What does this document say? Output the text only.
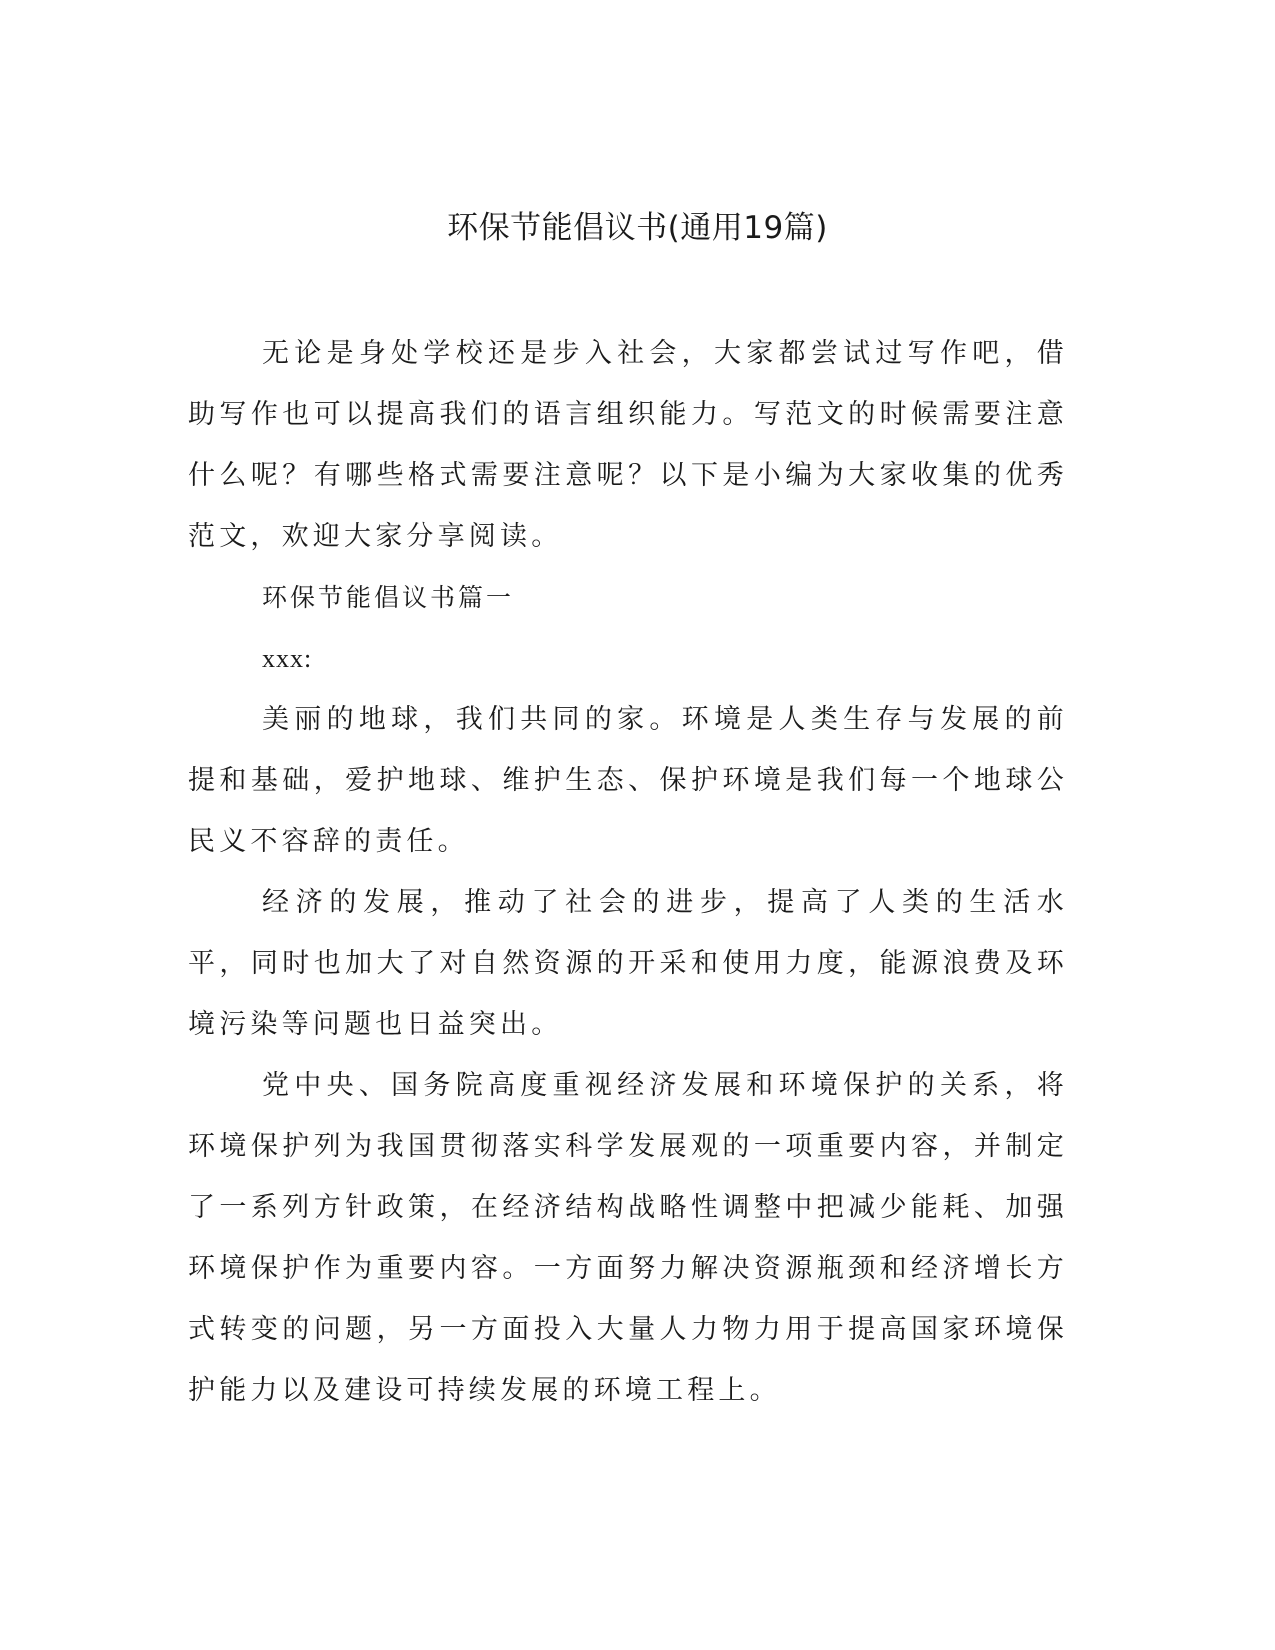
环保节能倡议书(通用19篇)

无论是身处学校还是步入社会，大家都尝试过写作吧，借助写作也可以提高我们的语言组织能力。写范文的时候需要注意什么呢？有哪些格式需要注意呢？以下是小编为大家收集的优秀范文，欢迎大家分享阅读。

环保节能倡议书篇一

xxx:

美丽的地球，我们共同的家。环境是人类生存与发展的前提和基础，爱护地球、维护生态、保护环境是我们每一个地球公民义不容辞的责任。

经济的发展，推动了社会的进步，提高了人类的生活水平，同时也加大了对自然资源的开采和使用力度，能源浪费及环境污染等问题也日益突出。

党中央、国务院高度重视经济发展和环境保护的关系，将环境保护列为我国贯彻落实科学发展观的一项重要内容，并制定了一系列方针政策，在经济结构战略性调整中把减少能耗、加强环境保护作为重要内容。一方面努力解决资源瓶颈和经济增长方式转变的问题，另一方面投入大量人力物力用于提高国家环境保护能力以及建设可持续发展的环境工程上。
